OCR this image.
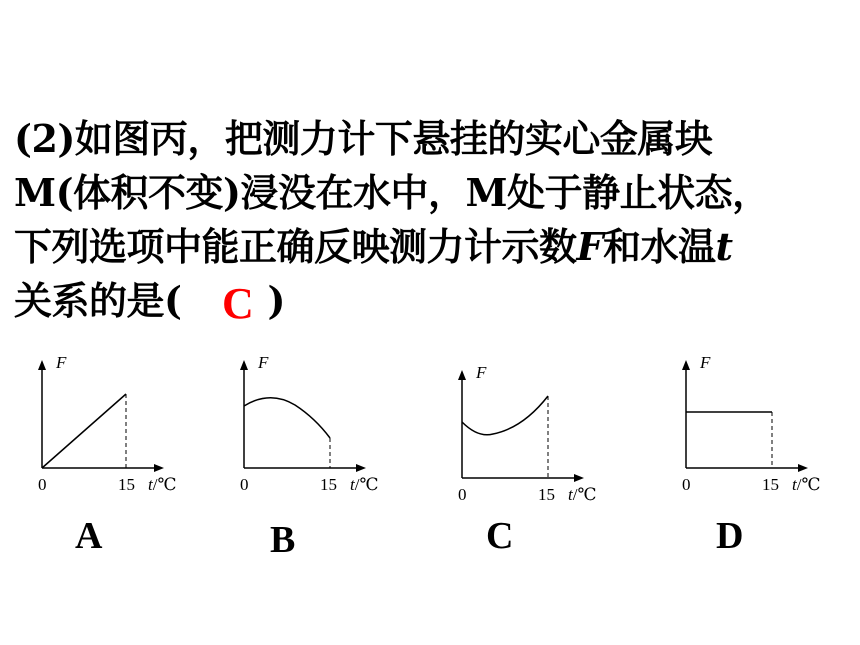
(2)如图丙，把测力计下悬挂的实心金属块
M(体积不变)浸没在水中，M处于静止状态，
下列选项中能正确反映测力计示数F和水温t
关系的是( )
C
F
0	15 t/℃
F
0	15 t/℃
F
0	15 t/℃
F
0	15 t/℃
A	B	C	D
